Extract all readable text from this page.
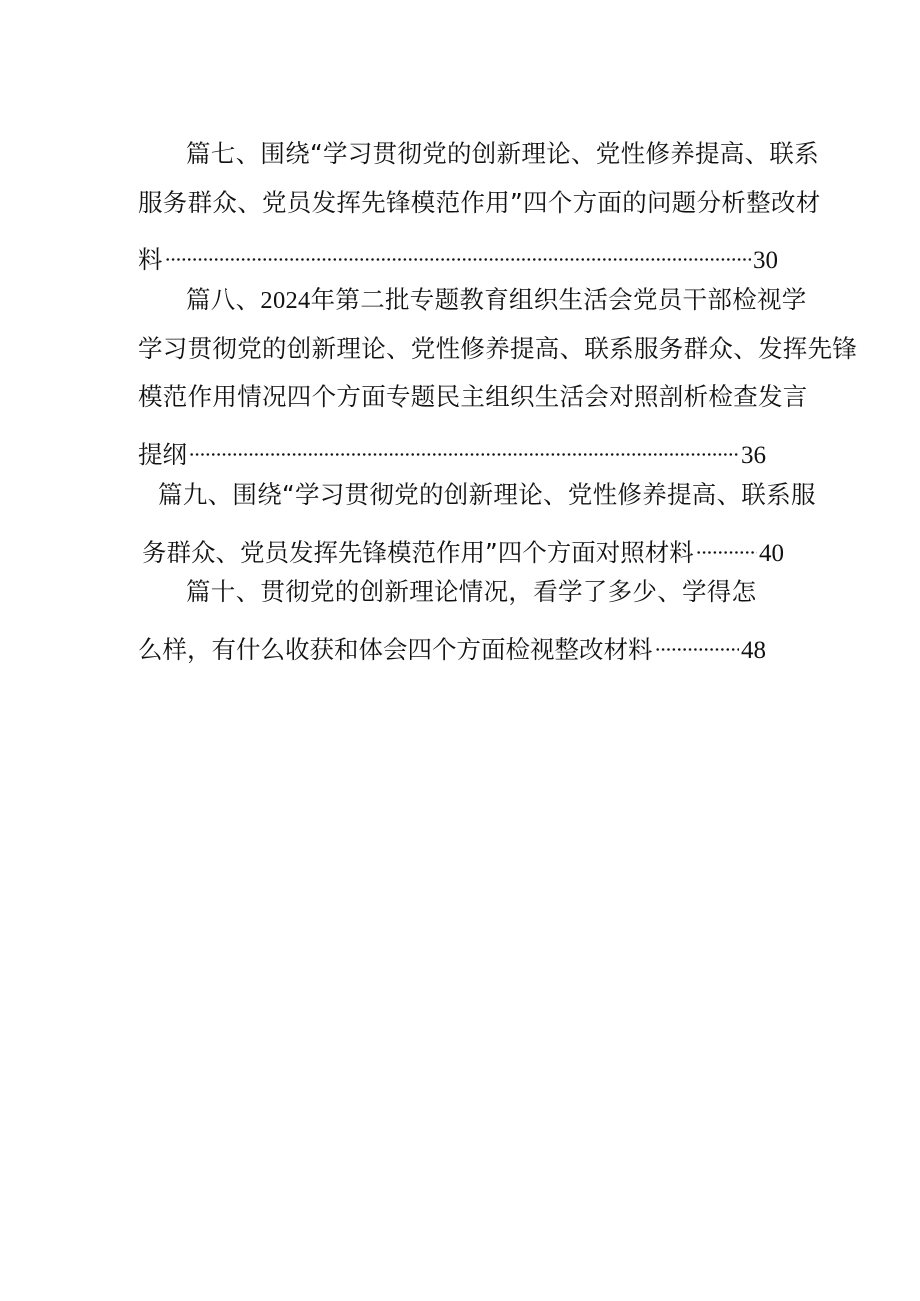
篇七、围绕“学习贯彻党的创新理论、党性修养提高、联系
服务群众、党员发挥先锋模范作用”四个方面的问题分析整改材
料	30
篇八、2024年第二批专题教育组织生活会党员干部检视学
学习贯彻党的创新理论、党性修养提高、联系服务群众、发挥先锋
模范作用情况四个方面专题民主组织生活会对照剖析检查发言
提纲	36
篇九、围绕“学习贯彻党的创新理论、党性修养提高、联系服
务群众、党员发挥先锋模范作用”四个方面对照材料	40
篇十、贯彻党的创新理论情况，看学了多少、学得怎
么样，有什么收获和体会四个方面检视整改材料	48
